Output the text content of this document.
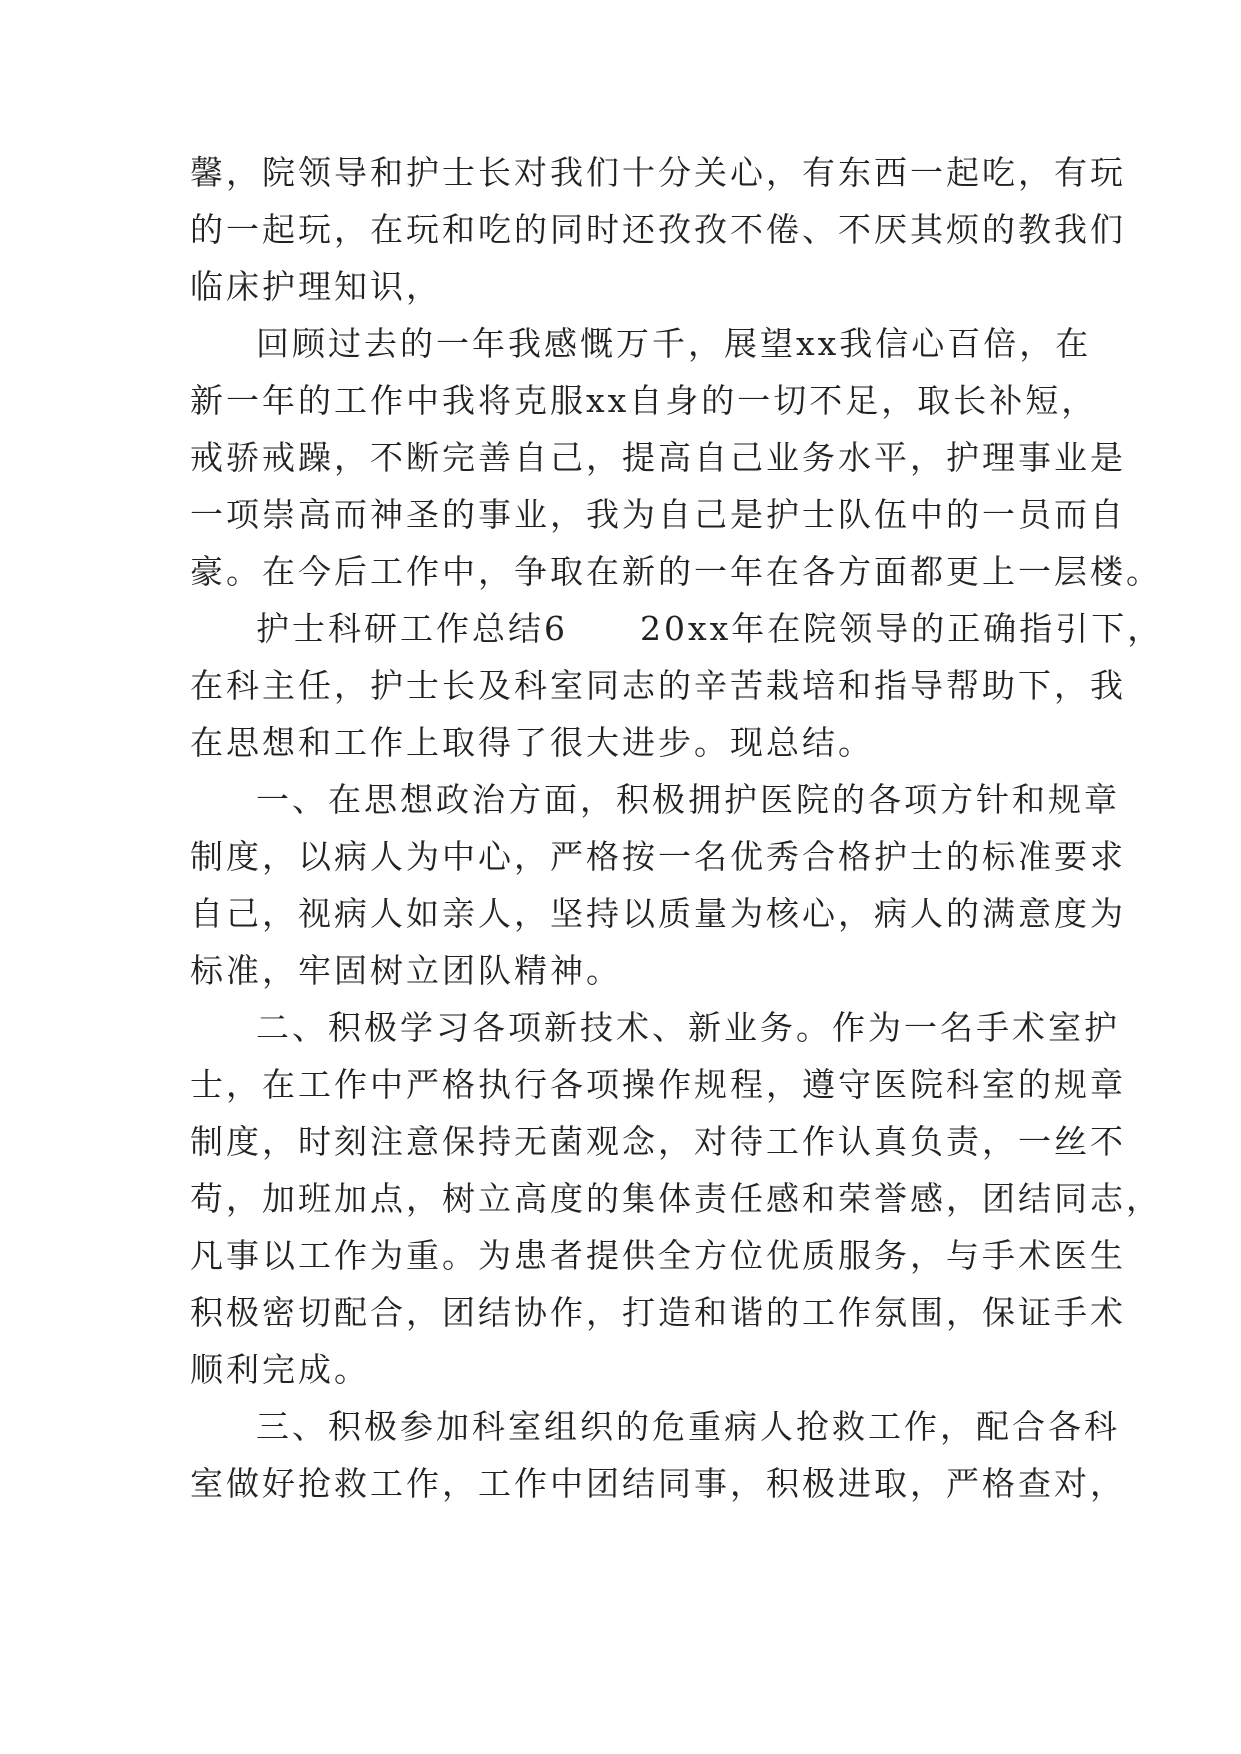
馨，院领导和护士长对我们十分关心，有东西一起吃，有玩
的一起玩，在玩和吃的同时还孜孜不倦、不厌其烦的教我们
临床护理知识，
回顾过去的一年我感慨万千，展望xx我信心百倍，在
新一年的工作中我将克服xx自身的一切不足，取长补短，
戒骄戒躁，不断完善自己，提高自己业务水平，护理事业是
一项崇高而神圣的事业，我为自己是护士队伍中的一员而自
豪。在今后工作中，争取在新的一年在各方面都更上一层楼。
护士科研工作总结6　　20xx年在院领导的正确指引下，
在科主任，护士长及科室同志的辛苦栽培和指导帮助下，我
在思想和工作上取得了很大进步。现总结。
一、在思想政治方面，积极拥护医院的各项方针和规章
制度，以病人为中心，严格按一名优秀合格护士的标准要求
自己，视病人如亲人，坚持以质量为核心，病人的满意度为
标准，牢固树立团队精神。
二、积极学习各项新技术、新业务。作为一名手术室护
士，在工作中严格执行各项操作规程，遵守医院科室的规章
制度，时刻注意保持无菌观念，对待工作认真负责，一丝不
苟，加班加点，树立高度的集体责任感和荣誉感，团结同志，
凡事以工作为重。为患者提供全方位优质服务，与手术医生
积极密切配合，团结协作，打造和谐的工作氛围，保证手术
顺利完成。
三、积极参加科室组织的危重病人抢救工作，配合各科
室做好抢救工作，工作中团结同事，积极进取，严格查对，
